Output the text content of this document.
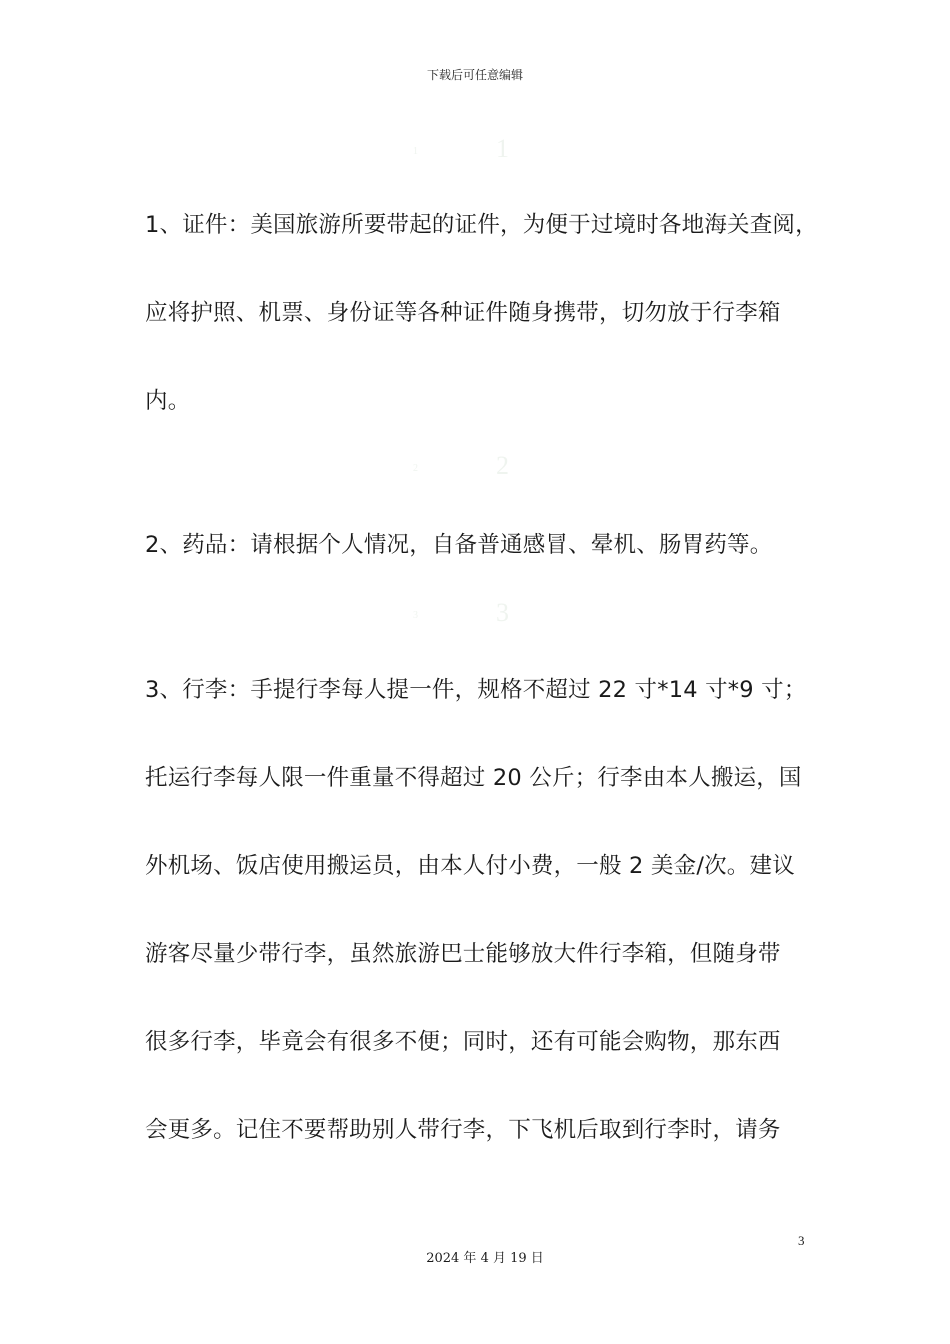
下载后可任意编辑
1	1
1、证件：美国旅游所要带起的证件，为便于过境时各地海关查阅，
应将护照、机票、身份证等各种证件随身携带，切勿放于行李箱
内。
2	2
2、药品：请根据个人情况，自备普通感冒、晕机、肠胃药等。
3	3
3、行李：手提行李每人提一件，规格不超过 22 寸*14 寸*9 寸；
托运行李每人限一件重量不得超过 20 公斤；行李由本人搬运，国
外机场、饭店使用搬运员，由本人付小费，一般 2 美金/次。建议
游客尽量少带行李，虽然旅游巴士能够放大件行李箱，但随身带
很多行李，毕竟会有很多不便；同时，还有可能会购物，那东西
会更多。记住不要帮助别人带行李，下飞机后取到行李时，请务
3
2024 年 4 月 19 日
